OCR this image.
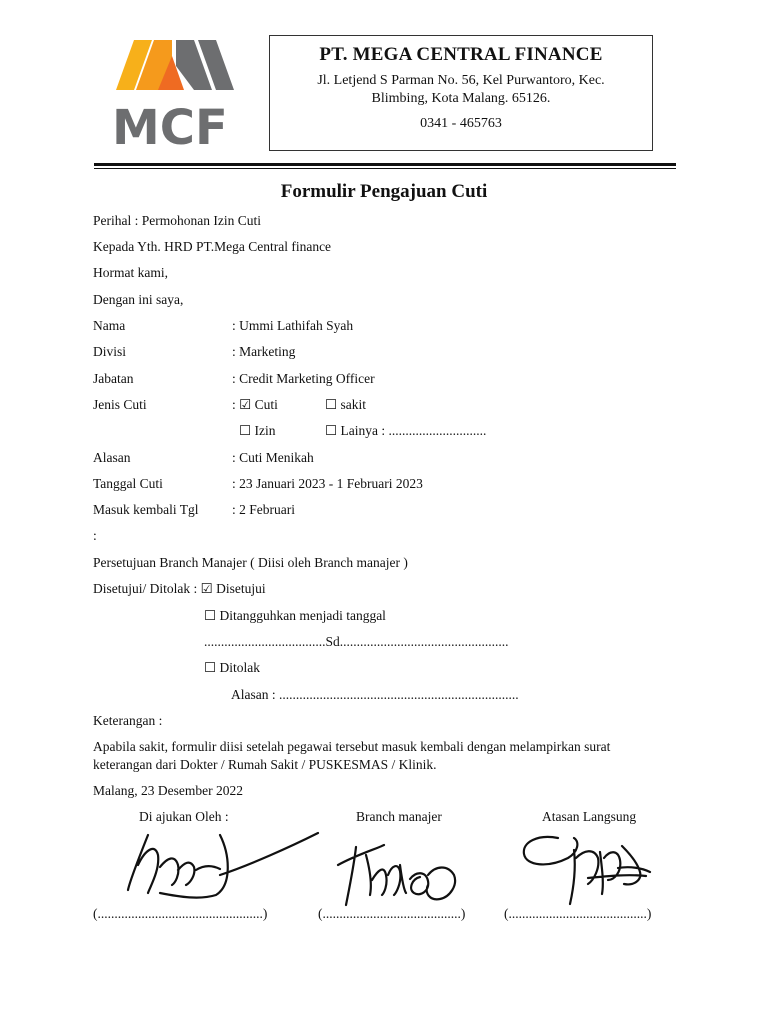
MCF
PT. MEGA CENTRAL FINANCE
Jl. Letjend S Parman No. 56, Kel Purwantoro, Kec.
Blimbing, Kota Malang. 65126.
0341 - 465763
Formulir Pengajuan Cuti
Perihal : Permohonan Izin Cuti
Kepada Yth. HRD PT.Mega Central finance
Hormat kami,
Dengan ini saya,
Nama	: Ummi Lathifah Syah
Divisi	: Marketing
Jabatan	: Credit Marketing Officer
Jenis Cuti	: ☑ Cuti	☐ sakit
☐ Izin	☐ Lainya : .............................
Alasan	: Cuti Menikah
Tanggal Cuti	: 23 Januari 2023 - 1 Februari 2023
Masuk kembali Tgl : 2 Februari
:
Persetujuan Branch Manajer ( Diisi oleh Branch manajer )
Disetujui/ Ditolak : ☑ Disetujui
☐ Ditangguhkan menjadi tanggal
....................................Sd..................................................
☐ Ditolak
Alasan : .......................................................................
Keterangan :
Apabila sakit, formulir diisi setelah pegawai tersebut masuk kembali dengan melampirkan surat
keterangan dari Dokter / Rumah Sakit / PUSKESMAS / Klinik.
Malang, 23 Desember 2022
Di ajukan Oleh :	Branch manajer	Atasan Langsung
(.................................................)	(.........................................)	(.........................................)
